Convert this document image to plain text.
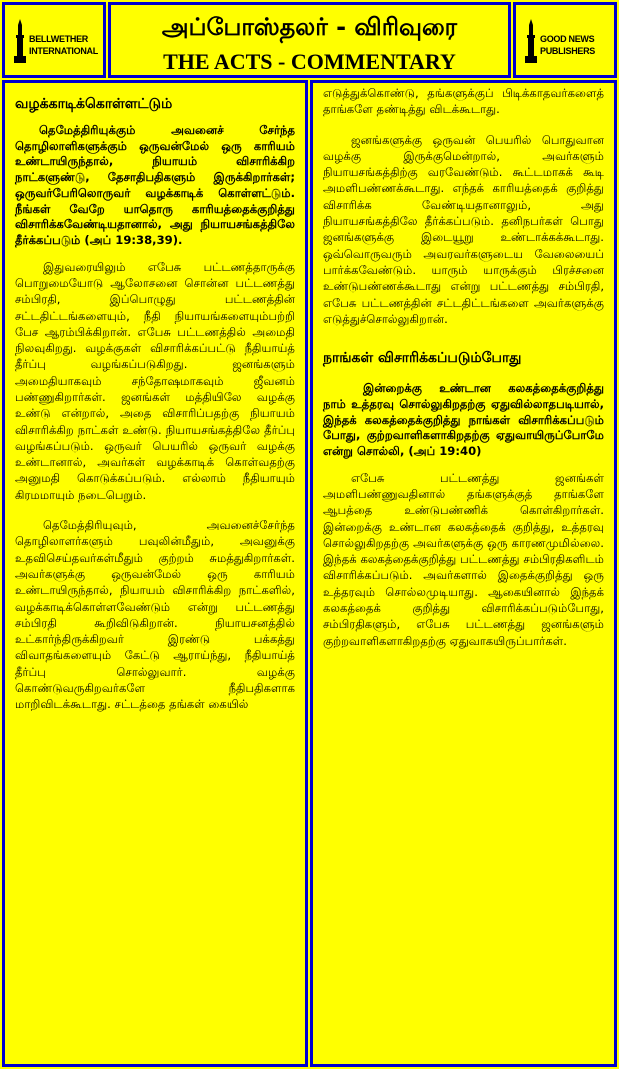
BELLWETHER INTERNATIONAL
அப்போஸ்தலர் - விரிவுரை
THE ACTS - COMMENTARY
GOOD NEWS PUBLISHERS
வழக்காடிக்கொள்ளட்டும்

தெமேத்திரியுக்கும் அவனைச் சேர்ந்த தொழிலாளிகளுக்கும் ஒருவன்மேல் ஒரு காரியம் உண்டாயிருந்தால், நியாயம் விசாரிக்கிற நாட்களுண்டு, தேசாதிபதிகளும் இருக்கிறார்கள்; ஒருவர்பேரிலொருவர் வழக்காடிக் கொள்ளட்டும். நீங்கள் வேறே யாதொரு காரியத்தைக்குறித்து விசாரிக்கவேண்டியதானால், அது நியாயசங்கத்திலே தீர்க்கப்படும் (அப் 19:38,39).

இதுவரையிலும் எபேசு பட்டணத்தாருக்கு பொறுமையோடு ஆலோசனை சொன்ன பட்டணத்து சம்பிரதி, இப்பொழுது பட்டணத்தின் சட்டதிட்டங்களையும், நீதி நியாயங்களையும்பற்றி பேச ஆரம்பிக்கிறான். எபேசு பட்டணத்தில் அமைதி நிலவுகிறது. வழக்குகள் விசாரிக்கப்பட்டு நீதியாய்த் தீர்ப்பு வழங்கப்படுகிறது. ஜனங்களும் அமைதியாகவும் சந்தோஷமாகவும் ஜீவனம் பண்ணுகிறார்கள். ஜனங்கள் மத்தியிலே வழக்கு உண்டு என்றால், அதை விசாரிப்பதற்கு நியாயம் விசாரிக்கிற நாட்கள் உண்டு. நியாயசங்கத்திலே தீர்ப்பு வழங்கப்படும். ஒருவர் பெயரில் ஒருவர் வழக்கு உண்டானால், அவர்கள் வழக்காடிக் கொள்வதற்கு அனுமதி கொடுக்கப்படும். எல்லாம் நீதியாயும் கிரமமாயும் நடைபெறும்.

தெமேத்திரியுவும், அவனைச்சேர்ந்த தொழிலாளர்களும் பவுலின்மீதும், அவனுக்கு உதவிசெய்தவர்கள்மீதும் குற்றம் சுமத்துகிறார்கள். அவர்களுக்கு ஒருவன்மேல் ஒரு காரியம் உண்டாயிருந்தால், நியாயம் விசாரிக்கிற நாட்களில், வழக்காடிக்கொள்ளவேண்டும் என்று பட்டணத்து சம்பிரதி கூறிவிடுகிறான். நியாயசனத்தில் உட்கார்ந்திருக்கிறவர் இரண்டு பக்கத்து விவாதங்களையும் கேட்டு ஆராய்ந்து, நீதியாய்த் தீர்ப்பு சொல்லுவார். வழக்கு கொண்டுவருகிறவர்களே நீதிபதிகளாக மாறிவிடக்கூடாது. சட்டத்தை தங்கள் கையில்

எடுத்துக்கொண்டு, தங்களுக்குப் பிடிக்காதவர்களைத் தாங்களே தண்டித்து விடக்கூடாது.

ஜனங்களுக்கு ஒருவன் பெயரில் பொதுவான வழக்கு இருக்குமென்றால், அவர்களும் நியாயசங்கத்திற்கு வரவேண்டும். கூட்டமாகக் கூடி அமளிபண்ணக்கூடாது. எந்தக் காரியத்தைக் குறித்து விசாரிக்க வேண்டியதானாலும், அது நியாயசங்கத்திலே தீர்க்கப்படும். தனிநபர்கள் பொது ஜனங்களுக்கு இடையூறு உண்டாக்கக்கூடாது. ஒவ்வொருவரும் அவரவர்களுடைய வேலையைப் பார்க்கவேண்டும். யாரும் யாருக்கும் பிரச்சனை உண்டுபண்ணக்கூடாது என்று பட்டணத்து சம்பிரதி, எபேசு பட்டணத்தின் சட்டதிட்டங்களை அவர்களுக்கு எடுத்துச்சொல்லுகிறான்.

நாங்கள் விசாரிக்கப்படும்போது

இன்றைக்கு உண்டான கலகத்தைக்குறித்து நாம் உத்தரவு சொல்லுகிறதற்கு ஏதுவில்லாதபடியால், இந்தக் கலகத்தைக்குறித்து நாங்கள் விசாரிக்கப்படும் போது, குற்றவாளிகளாகிறதற்கு ஏதுவாயிருப்போமே என்று சொல்லி, (அப் 19:40)

எபேசு பட்டணத்து ஜனங்கள் அமளிபண்ணுவதினால் தங்களுக்குத் தாங்களே ஆபத்தை உண்டுபண்ணிக் கொள்கிறார்கள். இன்றைக்கு உண்டான கலகத்தைக் குறித்து, உத்தரவு சொல்லுகிறதற்கு அவர்களுக்கு ஒரு காரணமுமில்லை. இந்தக் கலகத்தைக்குறித்து பட்டணத்து சம்பிரதிகளிடம் விசாரிக்கப்படும். அவர்களால் இதைக்குறித்து ஒரு உத்தரவும் சொல்லமுடியாது. ஆகையினால் இந்தக் கலகத்தைக் குறித்து விசாரிக்கப்படும்போது, சம்பிரதிகளும், எபேசு பட்டணத்து ஜனங்களும் குற்றவாளிகளாகிறதற்கு ஏதுவாகயிருப்பார்கள்.
